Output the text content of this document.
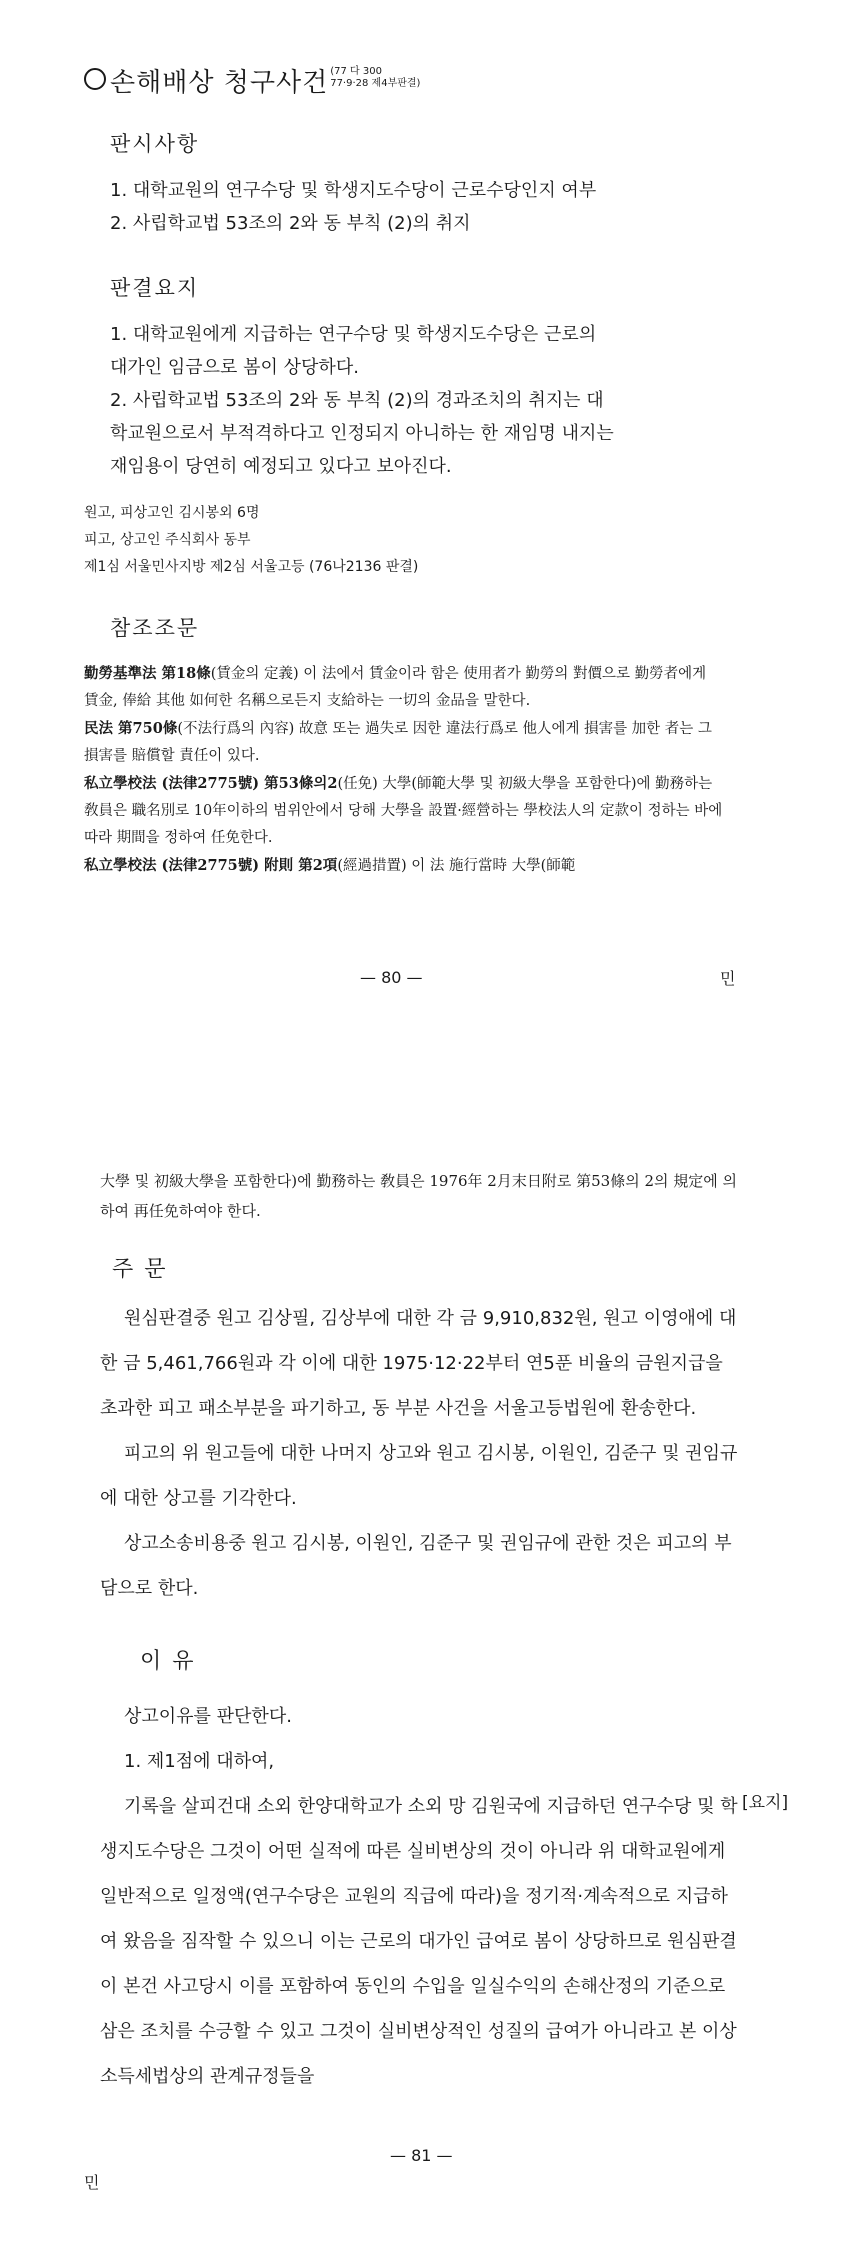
손해배상 청구사건 (77 다 300
77·9·28 제4부판결)
판시사항
1. 대학교원의 연구수당 및 학생지도수당이 근로수당인지 여부
2. 사립학교법 53조의 2와 동 부칙 (2)의 취지
판결요지
1. 대학교원에게 지급하는 연구수당 및 학생지도수당은 근로의
대가인 임금으로 봄이 상당하다.
2. 사립학교법 53조의 2와 동 부칙 (2)의 경과조치의 취지는 대
학교원으로서 부적격하다고 인정되지 아니하는 한 재임명 내지는
재임용이 당연히 예정되고 있다고 보아진다.
원고, 피상고인 김시봉외 6명
피고, 상고인 주식회사 동부
제1심 서울민사지방 제2심 서울고등 (76나2136 판결)
참조조문
勤勞基準法 第18條(賃金의 定義) 이 法에서 賃金이라 함은 使用者가 勤勞의 對價으로 勤勞者에게 賃金, 俸給 其他 如何한 名稱으로든지 支給하는 一切의 金品을 말한다.
民法 第750條(不法行爲의 內容) 故意 또는 過失로 因한 違法行爲로 他人에게 損害를 加한 者는 그 損害를 賠償할 責任이 있다.
私立學校法 (法律2775號) 第53條의2(任免) 大學(師範大學 및 初級大學을 포함한다)에 勤務하는 敎員은 職名別로 10年이하의 범위안에서 당해 大學을 設置·經營하는 學校法人의 定款이 정하는 바에 따라 期間을 정하여 任免한다.
私立學校法 (法律2775號) 附則 第2項(經過措置) 이 法 施行當時 大學(師範
— 80 —	민
大學 및 初級大學을 포함한다)에 勤務하는 敎員은 1976年 2月末日附로 第53條의 2의 規定에 의하여 再任免하여야 한다.
주 문

원심판결중 원고 김상필, 김상부에 대한 각 금 9,910,832원, 원고 이영애에 대한 금 5,461,766원과 각 이에 대한 1975·12·22부터 연5푼 비율의 금원지급을 초과한 피고 패소부분을 파기하고, 동 부분 사건을 서울고등법원에 환송한다.

피고의 위 원고들에 대한 나머지 상고와 원고 김시봉, 이원인, 김준구 및 권임규에 대한 상고를 기각한다.

상고소송비용중 원고 김시봉, 이원인, 김준구 및 권임규에 관한 것은 피고의 부담으로 한다.

이 유

상고이유를 판단한다.

1. 제1점에 대하여,

기록을 살피건대 소외 한양대학교가 소외 망 김원국에 지급하던 연구수당 및 학생지도수당은 그것이 어떤 실적에 따른 실비변상의 것이 아니라 위 대학교원에게 일반적으로 일정액(연구수당은 교원의 직급에 따라)을 정기적·계속적으로 지급하여 왔음을 짐작할 수 있으니 이는 근로의 대가인 급여로 봄이 상당하므로 원심판결이 본건 사고당시 이를 포함하여 동인의 수입을 일실수익의 손해산정의 기준으로 삼은 조치를 수긍할 수 있고 그것이 실비변상적인 성질의 급여가 아니라고 본 이상 소득세법상의 관계규정들을

[요지]
— 81 —
민
